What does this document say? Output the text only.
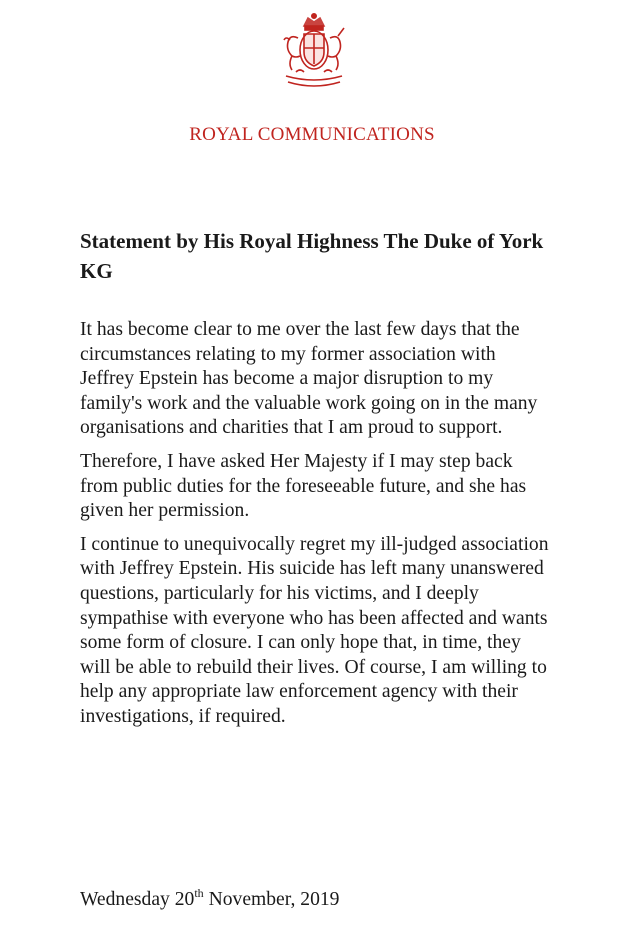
ROYAL COMMUNICATIONS
Statement by His Royal Highness The Duke of York KG

It has become clear to me over the last few days that the circumstances relating to my former association with Jeffrey Epstein has become a major disruption to my family's work and the valuable work going on in the many organisations and charities that I am proud to support.

Therefore, I have asked Her Majesty if I may step back from public duties for the foreseeable future, and she has given her permission.

I continue to unequivocally regret my ill-judged association with Jeffrey Epstein. His suicide has left many unanswered questions, particularly for his victims, and I deeply sympathise with everyone who has been affected and wants some form of closure. I can only hope that, in time, they will be able to rebuild their lives. Of course, I am willing to help any appropriate law enforcement agency with their investigations, if required.

Wednesday 20th November, 2019
